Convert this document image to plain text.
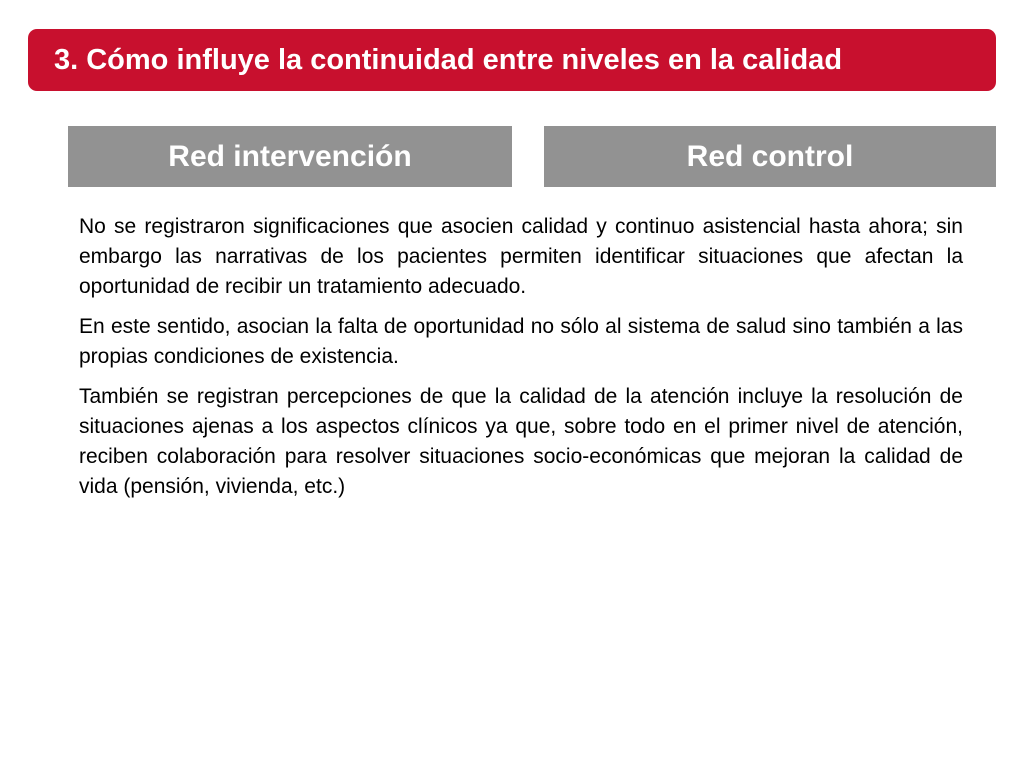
3. Cómo influye la continuidad entre niveles en la calidad
Red intervención	Red control

No se registraron significaciones que asocien calidad y continuo asistencial hasta ahora; sin embargo las narrativas de los pacientes permiten identificar situaciones que afectan la oportunidad de recibir un tratamiento adecuado.

En este sentido, asocian la falta de oportunidad no sólo al sistema de salud sino también a las propias condiciones de existencia.

También se registran percepciones de que la calidad de la atención incluye la resolución de situaciones ajenas a los aspectos clínicos ya que, sobre todo en el primer nivel de atención, reciben colaboración para resolver situaciones socio-económicas que mejoran la calidad de vida (pensión, vivienda, etc.)
